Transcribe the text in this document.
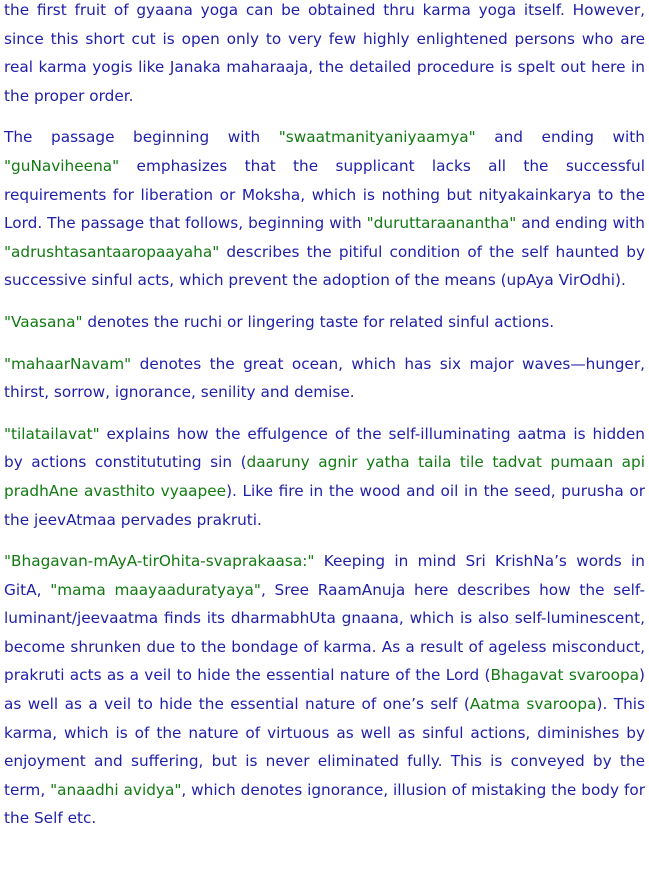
the first fruit of gyaana yoga can be obtained thru karma yoga itself. However, since this short cut is open only to very few highly enlightened persons who are real karma yogis like Janaka maharaaja, the detailed procedure is spelt out here in the proper order.

The passage beginning with "swaatmanityaniyaamya" and ending with "guNaviheena" emphasizes that the supplicant lacks all the successful requirements for liberation or Moksha, which is nothing but nityakainkarya to the Lord. The passage that follows, beginning with "duruttaraanantha" and ending with "adrushtasantaaropaayaha" describes the pitiful condition of the self haunted by successive sinful acts, which prevent the adoption of the means (upAya VirOdhi).

"Vaasana" denotes the ruchi or lingering taste for related sinful actions.

"mahaarNavam" denotes the great ocean, which has six major waves—hunger, thirst, sorrow, ignorance, senility and demise.

"tilatailavat" explains how the effulgence of the self-illuminating aatma is hidden by actions constitututing sin (daaruny agnir yatha taila tile tadvat pumaan api pradhAne avasthito vyaapee). Like fire in the wood and oil in the seed, purusha or the jeevAtmaa pervades prakruti.

"Bhagavan-mAyA-tirOhita-svaprakaasa:" Keeping in mind Sri KrishNa’s words in GitA, "mama maayaaduratyaya", Sree RaamAnuja here describes how the self-luminant/jeevaatma finds its dharmabhUta gnaana, which is also self-luminescent, become shrunken due to the bondage of karma. As a result of ageless misconduct, prakruti acts as a veil to hide the essential nature of the Lord (Bhagavat svaroopa) as well as a veil to hide the essential nature of one’s self (Aatma svaroopa). This karma, which is of the nature of virtuous as well as sinful actions, diminishes by enjoyment and suffering, but is never eliminated fully. This is conveyed by the term, "anaadhi avidya", which denotes ignorance, illusion of mistaking the body for the Self etc.
